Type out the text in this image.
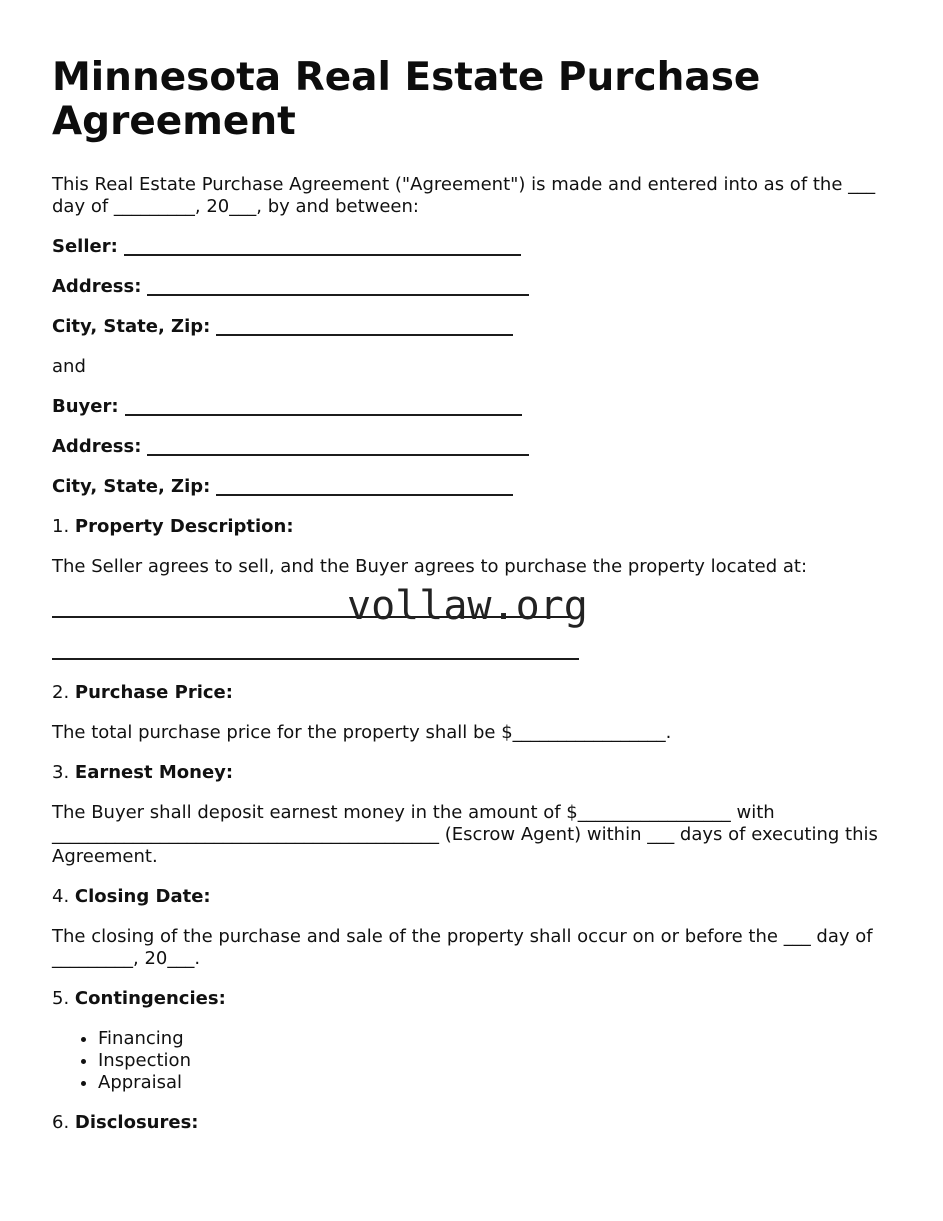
Minnesota Real Estate Purchase Agreement

This Real Estate Purchase Agreement ("Agreement") is made and entered into as of the ___ day of _________, 20___, by and between:

Seller:

Address:

City, State, Zip:

and

Buyer:

Address:

City, State, Zip:

1. Property Description:

The Seller agrees to sell, and the Buyer agrees to purchase the property located at:

vollaw.org

2. Purchase Price:

The total purchase price for the property shall be $_________________.

3. Earnest Money:

The Buyer shall deposit earnest money in the amount of $_________________ with ___________________________________________ (Escrow Agent) within ___ days of executing this Agreement.

4. Closing Date:

The closing of the purchase and sale of the property shall occur on or before the ___ day of _________, 20___.

5. Contingencies:

• Financing
• Inspection
• Appraisal

6. Disclosures:
